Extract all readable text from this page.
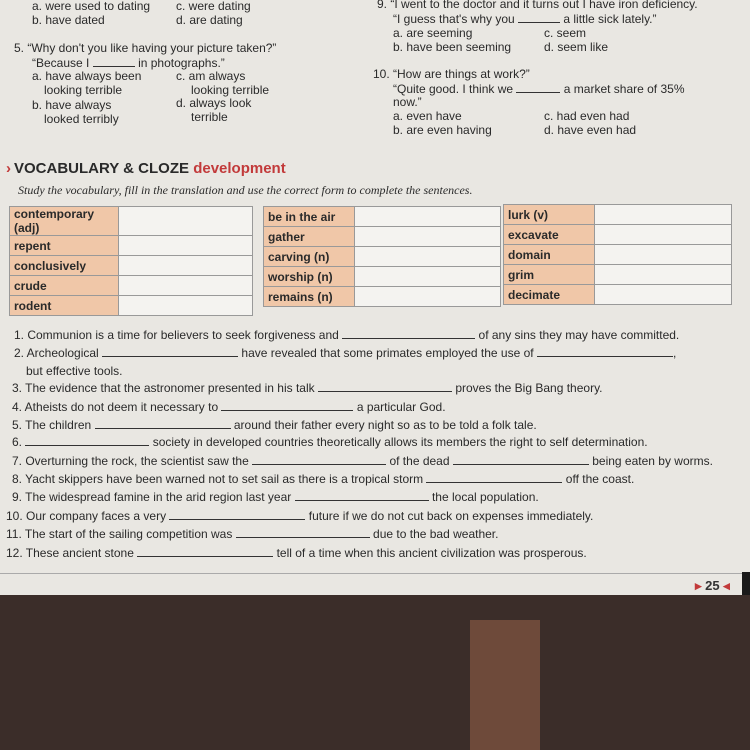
a. were used to dating
b. have dated
c. were dating
d. are dating
5. “Why don't you like having your picture taken?”
“Because I	in photographs.”
a. have always been
looking terrible
b. have always
looked terribly
c. am always
looking terrible
d. always look
terrible
9. “I went to the doctor and it turns out I have iron deficiency.
“I guess that's why you	a little sick lately.”
a. are seeming
b. have been seeming
c. seem
d. seem like
10. “How are things at work?”
“Quite good. I think we	a market share of 35%
now.”
a. even have
b. are even having
c. had even had
d. have even had
› VOCABULARY & CLOZE development
Study the vocabulary, fill in the translation and use the correct form to complete the sentences.
contemporary (adj)	
repent	
conclusively	
crude	
rodent	
be in the air	
gather	
carving (n)	
worship (n)	
remains (n)	
lurk (v)	
excavate	
domain	
grim	
decimate	
1. Communion is a time for believers to seek forgiveness and	of any sins they may have committed.
2. Archeological	have revealed that some primates employed the use of	,
but effective tools.
3. The evidence that the astronomer presented in his talk	proves the Big Bang theory.
4. Atheists do not deem it necessary to	a particular God.
5. The children	around their father every night so as to be told a folk tale.
6.	society in developed countries theoretically allows its members the right to self determination.
7. Overturning the rock, the scientist saw the	of the dead	being eaten by worms.
8. Yacht skippers have been warned not to set sail as there is a tropical storm	off the coast.
9. The widespread famine in the arid region last year	the local population.
10. Our company faces a very	future if we do not cut back on expenses immediately.
11. The start of the sailing competition was	due to the bad weather.
12. These ancient stone	tell of a time when this ancient civilization was prosperous.
▸ 25 ◂
